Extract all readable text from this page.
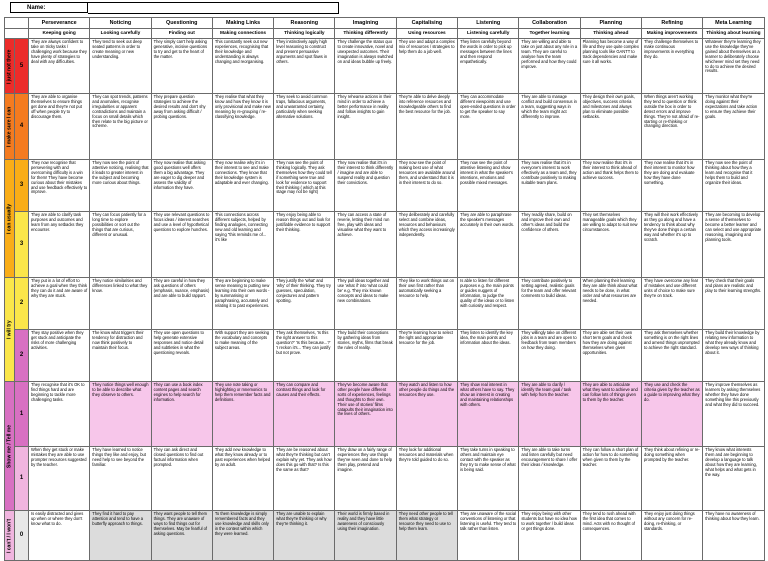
Name:
		Perseverance	Noticing	Questioning	Making Links	Reasoning	Imagining	Capitalising	Listening	Collaboration	Planning	Refining	Meta Learning
		Keeping going	Looking carefully	Finding out	Making connections	Thinking logically	Thinking differently	Using resources	Listening carefully	Together learning	Thinking ahead	Making improvements	Thinking about learning
I just not there	5	They are always confident to take on tricky tasks / challenging work because they have plenty of strategies to deal with any difficulties.	They tend to seek out deep seated patterns in order to create meaning or new understanding.	They simply can't help asking generative, incisive questions to try and get to the heart of the matter.	This constantly seek out new experiences, recognising that their knowledge and understanding is always changing and reorganising.	They instinctively apply high level reasoning to construct and present persuasive arguments and spot flaws in others.	They challenge the status quo to create innovative, novel and unexpected outcomes. Their imagination is always switched on and ideas bubble up freely.	They use and adapt a complex mix of resources / strategies to help them do a job well.	They listen carefully beyond the words in order to pick up messages between the lines and then respond empathetically.	They are willing and able to take on just about any role in a team. They are careful to analyse how the team performed and how they could improve.	Planning has become a way of life and they use quite complex planning tools like GANTT to track dependencies and make sure it all works.	They challenge themselves to make continuous improvements in everything they do.	Whatever they're learning they use the knowledge they've gained about themselves as a learner to deliberately choose whichever mind set they need to do to achieve the desired results.
I make sure I can	4	They are able to organise themselves to ensure things get done and they're not put off when people try to discourage them.	They can spot trends, patterns and anomalies, recognise irregularities or apparent contradictions and maintain a focus on small details which then relate to the big picture or scheme.	They prepare question strategies to achieve the desired results and don't shy away from asking difficult / probing questions.	They realise that what they know and how they know it is only provisional and make new meaning by re-grouping / re-classifying knowledge.	They seek to avoid common traps, fallacious arguments, and unwarranted certainty, particularly when seeking alternative solutions.	They rehearse actions in their mind in order to achieve a better performance in reality and follow insights to gain insight.	They're able to delve deeply into reference resources and knowledgeable others to find the best resource for the job.	They can accommodate different viewpoints and use open-ended questions in order to get the speaker to say more.	They are able to manage conflict and build consensus in a team, suggesting ways in which the team might act differently to improve.	They design their own goals, objectives, success criteria and milestones and always plan to eliminate possible setbacks.	When things aren't working they tend to question or think outside the box in order to detect errors and improve things. They're not afraid of re-starting or re-thinking or changing direction.	They monitor what they're doing against their expectations and take action to ensure they achieve their goals.
I can usually	3	They now recognise that persevering with and overcoming difficulty is a win for them! They have become curious about their mistakes and use feedback effectively to improve.	They now see the point of attentive noticing, realising that it leads to greater interest in the subject and becoming more curious about things.	They now realise that asking good questions well offers them a big advantage. They are eager to dig deeper and assess the validity of information they have.	They now realise why it's in their interest to see and make connections. They know that their knowledge system is adaptable and ever changing.	They now see the point of thinking logically. They ask themselves how they could tell if something were true and look for evidence to support their thinking ( which at this stage may not be right)	They now realise that it's in their interest to think differently / imagine and are able to suspend reality and question their convictions.	They now see the point of making best use of what resources are available around them, and understand that it is in their interest to do so.	They now see the point of attentive listening and show interest in what the speaker's intentions, emotions and possible mixed messages.	They now realise that it's in everyone's interest to work effectively as a team and, they contribute positively to making suitable team plans.	They now realise that it's in their interest to think ahead of action and thank helps them to achieve success.	They now realise that it's in their interest to monitor how they are doing and evaluate how they have done something.	They now see the point of thinking about how they a learn and recognise that it helps them to build and organize their ideas.
	3	They are able to clarify task purposes and outcomes and learn from any setbacks they encounter.	They can focus patiently for a long time to explore possibilities or sort out the things that are curious, different or unusual.	They use relevant questions to focus ideas / interest searches and use a level of hypothetical questions to explore hunches.	This connections across different subjects, helped by finding analogies, connecting new and old learning and saying "this reminds me of... it's like	They enjoy being able to reason things out and look for justifiable evidence to support their thinking.	They can access a state of reverie, letting their mind run free, play with ideas and visualise what they want to achieve.	They deliberately and carefully select and combine ideas, resources and behaviours which they access increasingly independently.	They are able to paraphrase the speaker's messages accurately in their own words.	They readily share, build on and improve their own and other's ideas and build the confidence of others.	They set themselves manageable goals which they are willing to adapt to suit new circumstances.	They will their work effectively as they go along and have a tendency to think about why they've done things a certain way and whether it's up to scratch.	They are becoming to develop a sense of themselves to become a better learner and can select and use appropriate reasoning, imagining and planning tools.
I will try	2	They put in a lot of effort to achieve a goal when they think they can do it and are aware of why they are stuck.	They notice similarities and differences linked to what they know.	They are careful in how they ask questions of others (emphasis, nuance, emphasis) and are able to build rapport.	They are beginning to make sense meaning to putting new learning into their own words - by summarising or paraphrasing, accurately and relating it to past experiences.	They justify the 'what' and 'why' of their thinking. They try guesses, speculation, conjectures and pattern spotting.	They pull ideas together and use 'what if' into 'what could be' e.g. They mix known concepts and ideas to make new combinations.	They like to work things out on their own first rather than automatically seeking a resource to help.	Is able to listen for different purposes e.g. the main points or guides nuggets of information, to judge the quality of the ideas or to listen with curiosity and respect.	They contribute positively to setting agreed, realistic goals for the team and offer relevant comments to build ideas.	When planning their learning they are able think about what needs to be done, in what order and what resources are needed.	They have overcome any fear of mistakes and use different units of choice to make sure they're on track.	They check that their goals and plans are realistic and play to their learning strengths.
	2	They stay positive when they get stuck and anticipate the risks of more challenging activities.	The know what triggers their tendency for distraction and now think positively to maintain their focus.	They use open questions to help generate extensive responses and notice detail and subtleties in what the questioning reveals.	With support they are seeking the vocabulary and concepts to make meaning of the subject areas.	They ask themselves, 'Is this the right answer to this question?' 'Is this because...?' 'I reckon it's... They can justify but not prove.	They build their conceptions by gathering ideas from stories, myths, films that break the rules of reality.	They're learning how to select the right and appropriate resource for the job.	They listen to identify the key idea, the main points and information about the ideas.	They willingly take on different jobs in a team and are open to feedback from team members on how they doing.	They are able set their own short term goals and check how they are doing against themselves when given opportunities.	They ask themselves whether something is on the right lines and amend things unprompted to achieve the right standard.	They build their knowledge by relating new information to what they already know and develop new ways of thinking about it.
Show me / Tell me	1	They recognise that it's OK to find things hard and are beginning to tackle more challenging tasks.	They notice things well enough to be able to describe what they observe to others.	They can use a book index content pages and search engines to help search for information.	They use note taking or highlighting or mnemonics to help them remember facts and definitions.	They can compare and contrast things and look for causes and their effects.	They've become aware that other people have different sorts of experiences, feelings and thoughts to their own. Their use of stories/ films catapults their imagination into the lives of others.	They watch and listen to how other people do things and the resources they use.	They show real interest in what others have to say. They show an interest in creating and maintaining relationships with others.	They are able to clarify / identify the team goal / task with help from the teacher.	They are able to articulate what they want to achieve and can follow lots of things given to them by the teacher.	They use and check the criteria given by the teacher as a guide to improving what they do.	They improve themselves as learners by asking themselves whether they have done something like this previously and what they did to succeed.
	1	When they get stuck or make mistakes they are able to use prompter resources suggested by the teacher.	They have learned to notice things they like and enjoy, but need help to see beyond the familiar.	They can ask direct and closed questions to find out factual information when prompted.	They add new knowledge to what they know already or to past experiences when helped by an adult.	They are be reasoned about what they're thinking but can't explain why yet. They ask how does this go with that? Is this the same as that?	They draw on a fairly range of experiences they use things they've seen and done to help them play, pretend and imagine.	They look for additional resources and materials when they're told guided to do so.	They take turns in speaking to others and maintain eye contact with the speaker as they try to make sense of what is being said.	They are able to take turns and listen carefully but need encouragement to share / offer their ideas / knowledge.	They can follow a short plan of action for how to do something when given to them by the teacher.	They think about refining or re-doing something when prompted by the teacher.	They know what interests them and are beginning to develop a language to talk about how they are learning, what helps and what gets in the way.
I can't / I won't	0	Is easily distracted and gives up when or where they don't know what to do.	They find it hard to pay attention and tend to have a butterfly approach to things.	They want people to tell them things. They are unaware of ways to find things out for themselves. May be fearful of asking questions.	To them knowledge is simply remembered facts and they use knowledge and skills only in the context within which they were learned.	They are unable to explain what they're thinking or why they're thinking it.	Their world is firmly based in reality and they have little awareness of consciously using their imagination.	They need other people to tell them what strategy or resource they need to use to help them learn.	They are unaware of the social conventions of listening or that listening is useful. They tend to talk rather than listen.	They enjoy being with other students but have no idea how to work together / build ideas or get things done.	They tend to rush ahead with the first idea that comes to mind. Acts with no thought of consequences.	They enjoy just doing things without any concern for re-doing, re-thinking, or standards.	They have no awareness of thinking about how they learn.
